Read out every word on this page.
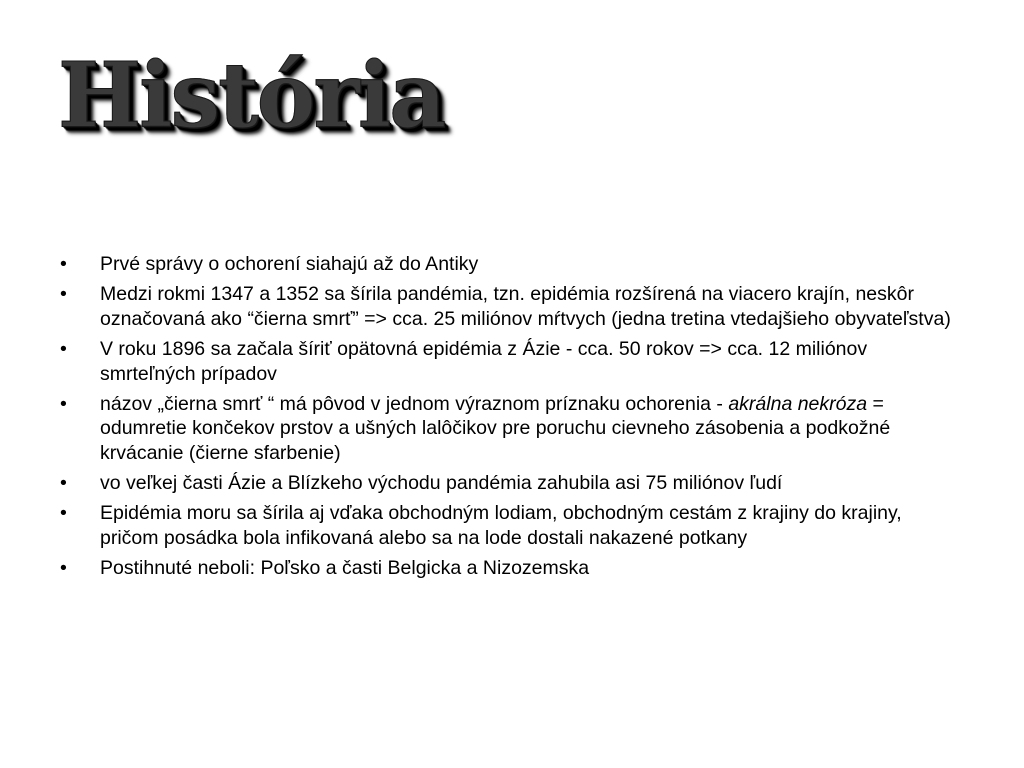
História
•	Prvé správy o ochorení siahajú až do Antiky
•	Medzi rokmi 1347 a 1352 sa šírila pandémia, tzn. epidémia rozšírená na viacero krajín, neskôr označovaná ako “čierna smrť” => cca. 25 miliónov mŕtvych (jedna tretina vtedajšieho obyvateľstva)
•	V roku 1896 sa začala šíriť opätovná epidémia z Ázie - cca. 50 rokov => cca. 12 miliónov smrteľných prípadov
•	názov „čierna smrť “ má pôvod v jednom výraznom príznaku ochorenia - akrálna nekróza = odumretie končekov prstov a ušných lalôčikov pre poruchu cievneho zásobenia a podkožné krvácanie (čierne sfarbenie)
•	vo veľkej časti Ázie a Blízkeho východu pandémia zahubila asi 75 miliónov ľudí
•	Epidémia moru sa šírila aj vďaka obchodným lodiam, obchodným cestám z krajiny do krajiny, pričom posádka bola infikovaná alebo sa na lode dostali nakazené potkany
•	Postihnuté neboli: Poľsko a časti Belgicka a Nizozemska
